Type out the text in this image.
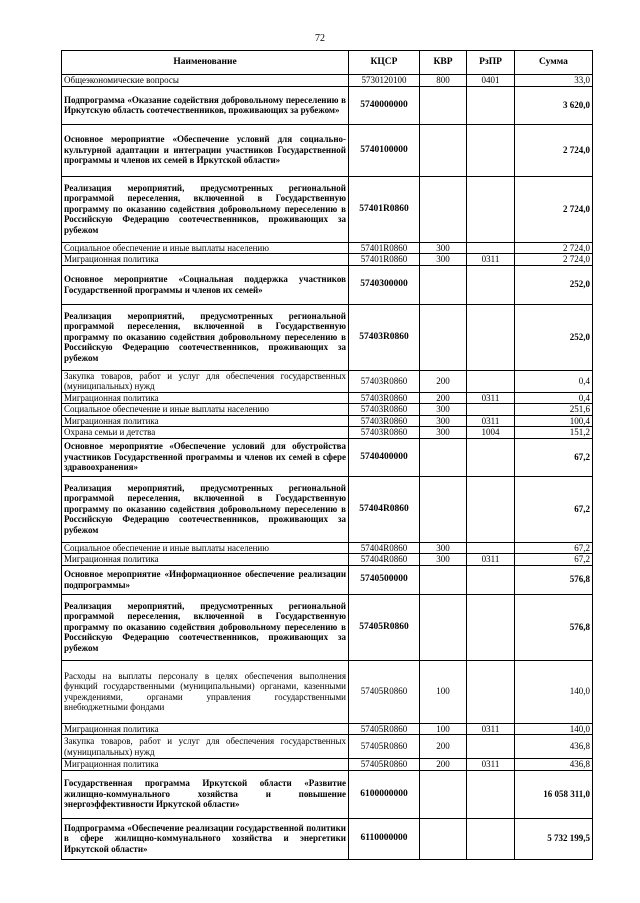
72
Наименование	КЦСР	КВР	РзПР	Сумма
Общеэкономические вопросы	5730120100	800	0401	33,0
Подпрограмма «Оказание содействия добровольному переселению в Иркутскую область соотечественников, проживающих за рубежом»	5740000000			3 620,0
Основное мероприятие «Обеспечение условий для социально-культурной адаптации и интеграции участников Государственной программы и членов их семей в Иркутской области»	5740100000			2 724,0
Реализация мероприятий, предусмотренных региональной программой переселения, включенной в Государственную программу по оказанию содействия добровольному переселению в Российскую Федерацию соотечественников, проживающих за рубежом	57401R0860			2 724,0
Социальное обеспечение и иные выплаты населению	57401R0860	300		2 724,0
Миграционная политика	57401R0860	300	0311	2 724,0
Основное мероприятие «Социальная поддержка участников Государственной программы и членов их семей»	5740300000			252,0
Реализация мероприятий, предусмотренных региональной программой переселения, включенной в Государственную программу по оказанию содействия добровольному переселению в Российскую Федерацию соотечественников, проживающих за рубежом	57403R0860			252,0
Закупка товаров, работ и услуг для обеспечения государственных (муниципальных) нужд	57403R0860	200		0,4
Миграционная политика	57403R0860	200	0311	0,4
Социальное обеспечение и иные выплаты населению	57403R0860	300		251,6
Миграционная политика	57403R0860	300	0311	100,4
Охрана семьи и детства	57403R0860	300	1004	151,2
Основное мероприятие «Обеспечение условий для обустройства участников Государственной программы и членов их семей в сфере здравоохранения»	5740400000			67,2
Реализация мероприятий, предусмотренных региональной программой переселения, включенной в Государственную программу по оказанию содействия добровольному переселению в Российскую Федерацию соотечественников, проживающих за рубежом	57404R0860			67,2
Социальное обеспечение и иные выплаты населению	57404R0860	300		67,2
Миграционная политика	57404R0860	300	0311	67,2
Основное мероприятие «Информационное обеспечение реализации подпрограммы»	5740500000			576,8
Реализация мероприятий, предусмотренных региональной программой переселения, включенной в Государственную программу по оказанию содействия добровольному переселению в Российскую Федерацию соотечественников, проживающих за рубежом	57405R0860			576,8
Расходы на выплаты персоналу в целях обеспечения выполнения функций государственными (муниципальными) органами, казенными учреждениями, органами управления государственными внебюджетными фондами	57405R0860	100		140,0
Миграционная политика	57405R0860	100	0311	140,0
Закупка товаров, работ и услуг для обеспечения государственных (муниципальных) нужд	57405R0860	200		436,8
Миграционная политика	57405R0860	200	0311	436,8
Государственная программа Иркутской области «Развитие жилищно-коммунального хозяйства и повышение энергоэффективности Иркутской области»	6100000000			16 058 311,0
Подпрограмма «Обеспечение реализации государственной политики в сфере жилищно-коммунального хозяйства и энергетики Иркутской области»	6110000000			5 732 199,5
